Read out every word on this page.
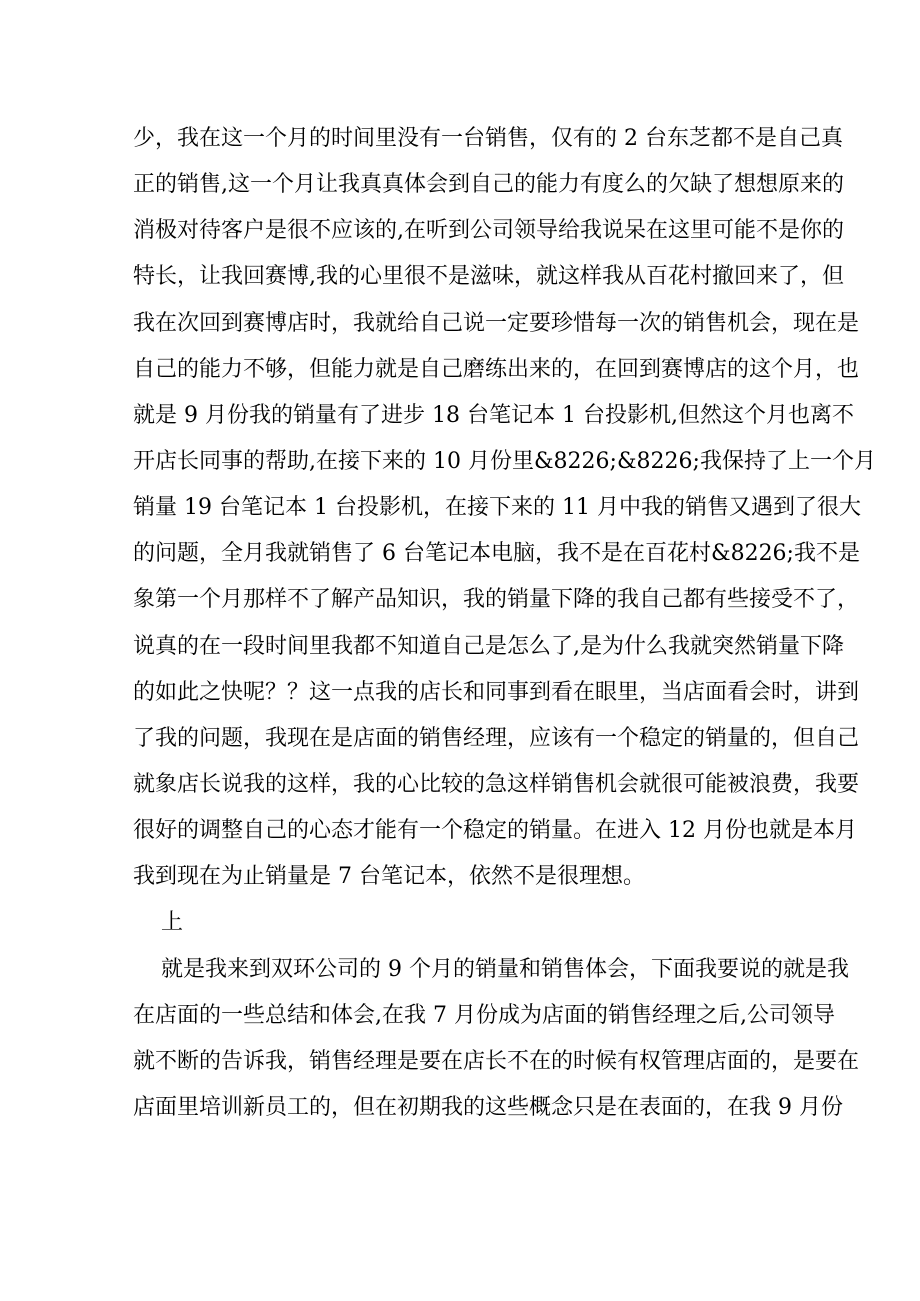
少，我在这一个月的时间里没有一台销售，仅有的 2 台东芝都不是自己真
正的销售,这一个月让我真真体会到自己的能力有度么的欠缺了想想原来的
消极对待客户是很不应该的,在听到公司领导给我说呆在这里可能不是你的
特长，让我回赛博,我的心里很不是滋味，就这样我从百花村撤回来了，但
我在次回到赛博店时，我就给自己说一定要珍惜每一次的销售机会，现在是
自己的能力不够，但能力就是自己磨练出来的，在回到赛博店的这个月，也
就是 9 月份我的销量有了进步 18 台笔记本 1 台投影机,但然这个月也离不
开店长同事的帮助,在接下来的 10 月份里&8226;&8226;我保持了上一个月
销量 19 台笔记本 1 台投影机，在接下来的 11 月中我的销售又遇到了很大
的问题，全月我就销售了 6 台笔记本电脑，我不是在百花村&8226;我不是
象第一个月那样不了解产品知识，我的销量下降的我自己都有些接受不了，
说真的在一段时间里我都不知道自己是怎么了,是为什么我就突然销量下降
的如此之快呢？？这一点我的店长和同事到看在眼里，当店面看会时，讲到
了我的问题，我现在是店面的销售经理，应该有一个稳定的销量的，但自己
就象店长说我的这样，我的心比较的急这样销售机会就很可能被浪费，我要
很好的调整自己的心态才能有一个稳定的销量。在进入 12 月份也就是本月
我到现在为止销量是 7 台笔记本，依然不是很理想。
上
就是我来到双环公司的 9 个月的销量和销售体会，下面我要说的就是我
在店面的一些总结和体会,在我 7 月份成为店面的销售经理之后,公司领导
就不断的告诉我，销售经理是要在店长不在的时候有权管理店面的，是要在
店面里培训新员工的，但在初期我的这些概念只是在表面的，在我 9 月份
